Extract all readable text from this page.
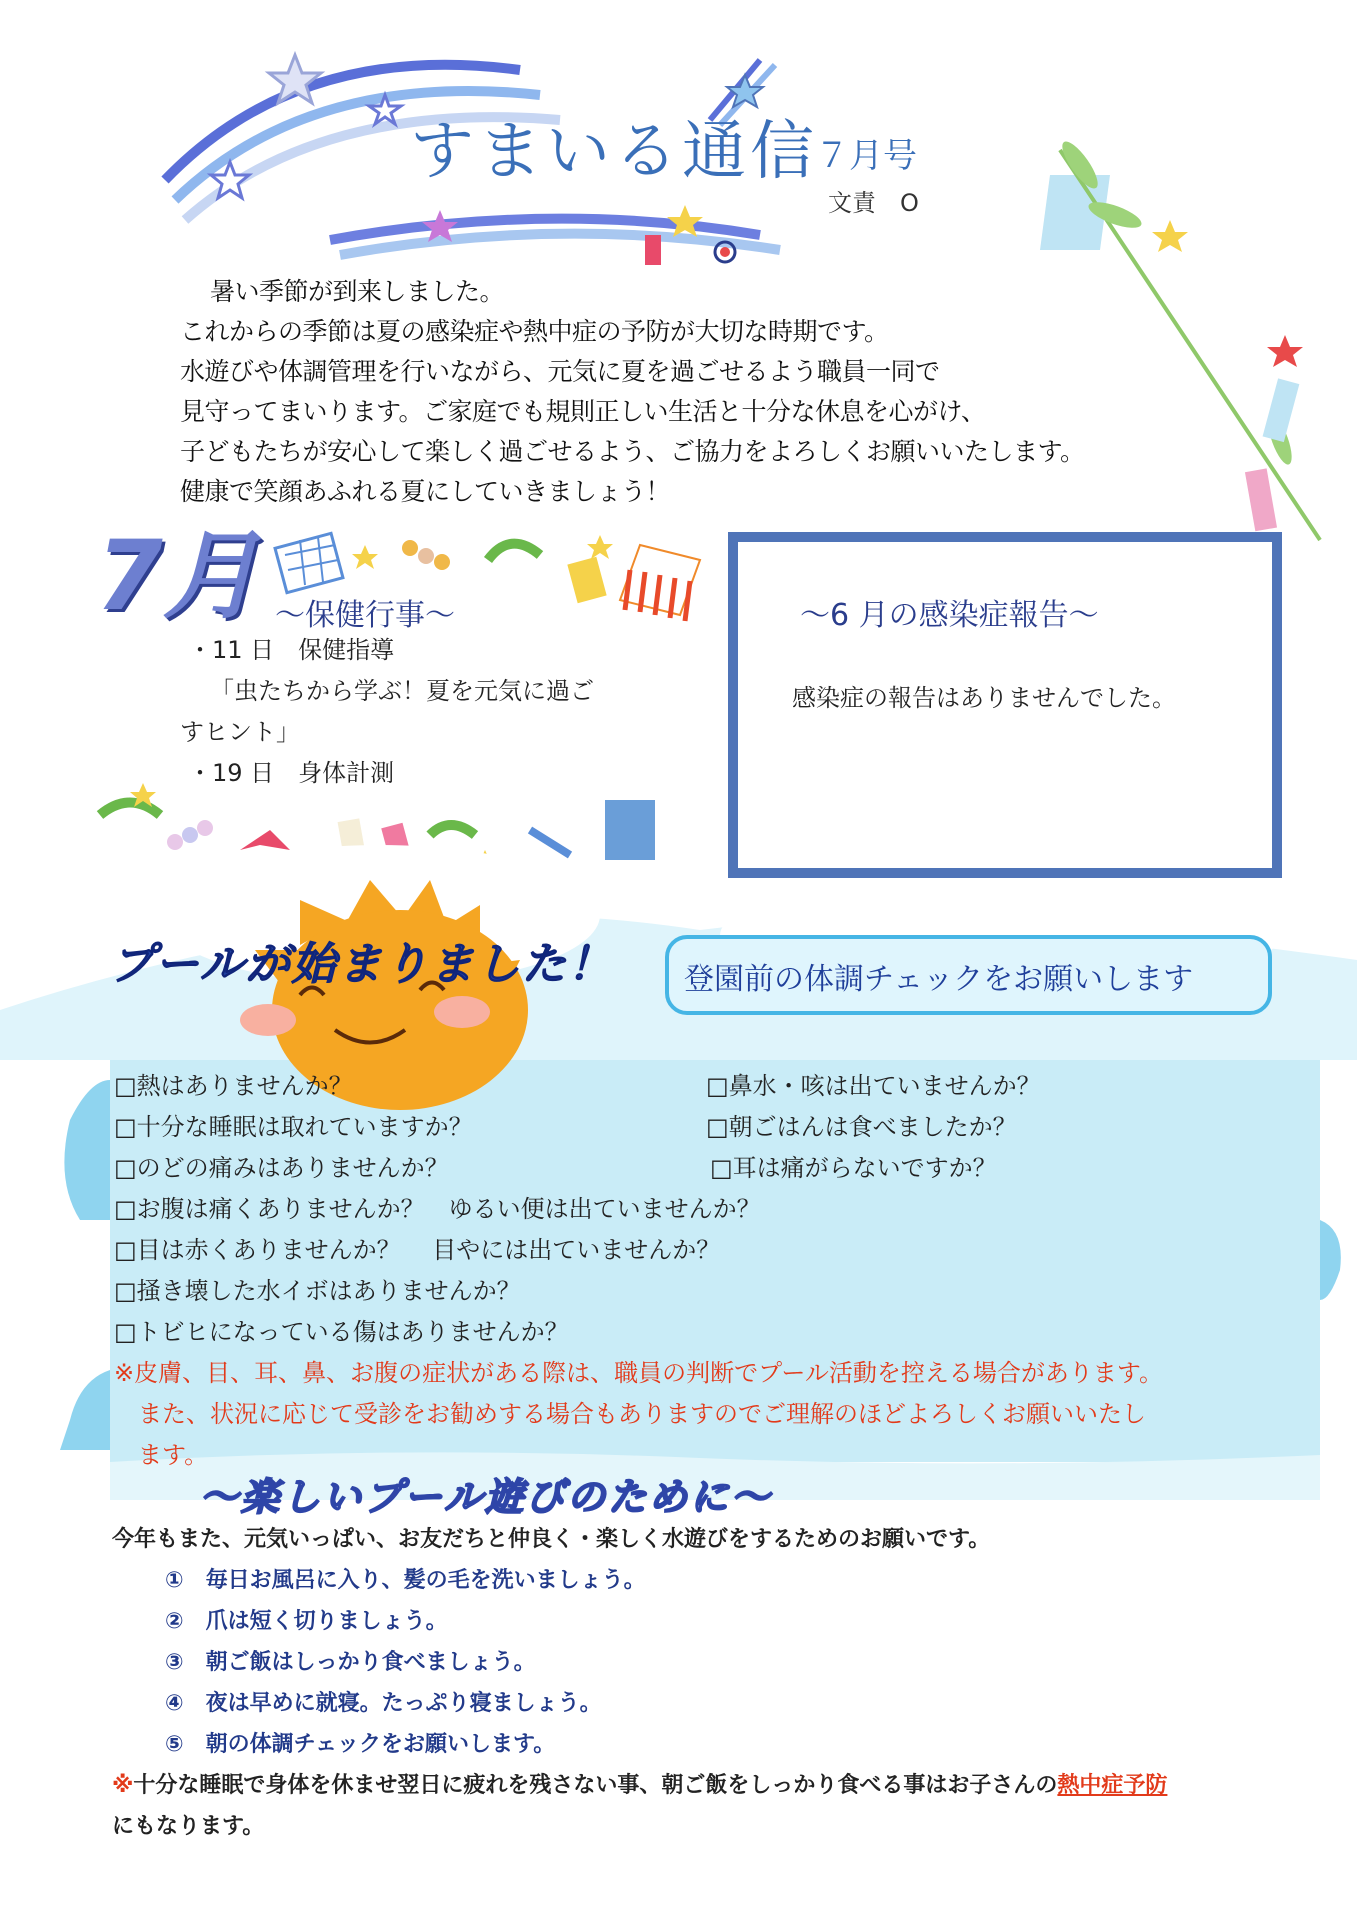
すまいる通信
７月号
文責　O

暑い季節が到来しました。

これからの季節は夏の感染症や熱中症の予防が大切な時期です。

水遊びや体調管理を行いながら、元気に夏を過ごせるよう職員一同で

見守ってまいります。ご家庭でも規則正しい生活と十分な休息を心がけ、

子どもたちが安心して楽しく過ごせるよう、ご協力をよろしくお願いいたします。

健康で笑顔あふれる夏にしていきましょう！

7月 ～保健行事～
・11 日　保健指導
「虫たちから学ぶ！夏を元気に過ご
すヒント」
・19 日　身体計測
～6 月の感染症報告～
感染症の報告はありませんでした。
プールが始まりました！ 登園前の体調チェックをお願いします
□熱はありませんか？
□十分な睡眠は取れていますか？
□のどの痛みはありませんか？
□鼻水・咳は出ていませんか？
□朝ごはんは食べましたか？
□耳は痛がらないですか？
□お腹は痛くありませんか？　ゆるい便は出ていませんか？
□目は赤くありませんか？　 目やには出ていませんか？
□掻き壊した水イボはありませんか？
□トビヒになっている傷はありませんか？
※皮膚、目、耳、鼻、お腹の症状がある際は、職員の判断でプール活動を控える場合があります。
また、状況に応じて受診をお勧めする場合もありますのでご理解のほどよろしくお願いいたし
ます。
～楽しいプール遊びのために～
今年もまた、元気いっぱい、お友だちと仲良く・楽しく水遊びをするためのお願いです。
①　毎日お風呂に入り、髪の毛を洗いましょう。
②　爪は短く切りましょう。
③　朝ご飯はしっかり食べましょう。
④　夜は早めに就寝。たっぷり寝ましょう。
⑤　朝の体調チェックをお願いします。
※十分な睡眠で身体を休ませ翌日に疲れを残さない事、朝ご飯をしっかり食べる事はお子さんの熱中症予防
にもなります。
